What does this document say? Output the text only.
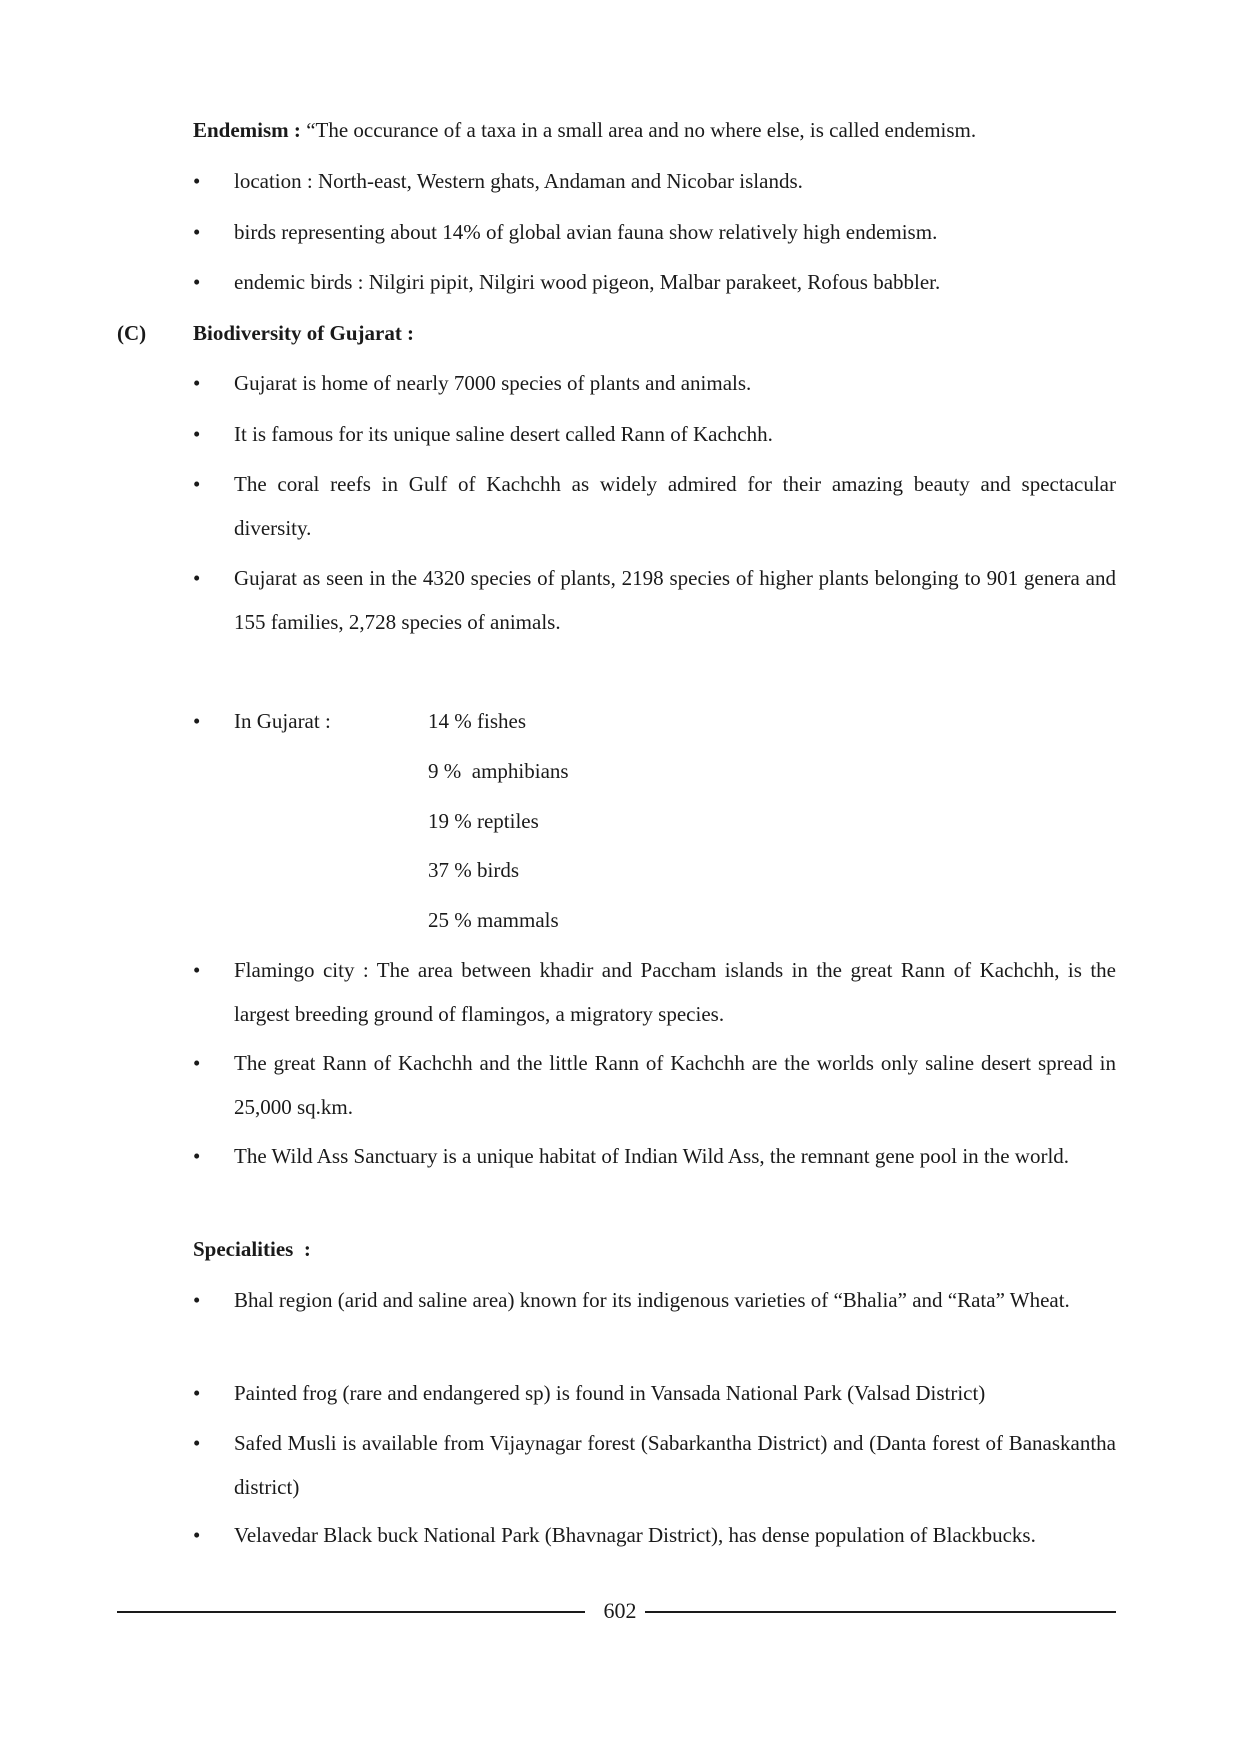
Endemism : “The occurance of a taxa in a small area and no where else, is called endemism.
• location : North-east, Western ghats, Andaman and Nicobar islands.
• birds representing about 14% of global avian fauna show relatively high endemism.
• endemic birds : Nilgiri pipit, Nilgiri wood pigeon, Malbar parakeet, Rofous babbler.
(C) Biodiversity of Gujarat :
• Gujarat is home of nearly 7000 species of plants and animals.
• It is famous for its unique saline desert called Rann of Kachchh.
• The coral reefs in Gulf of Kachchh as widely admired for their amazing beauty and spectacular diversity.
• Gujarat as seen in the 4320 species of plants, 2198 species of higher plants belonging to 901 genera and 155 families, 2,728 species of animals.
• In Gujarat :	14 % fishes
9 %  amphibians
19 % reptiles
37 % birds
25 % mammals
• Flamingo city : The area between khadir and Paccham islands in the great Rann of Kachchh, is the largest breeding ground of flamingos, a migratory species.
• The great Rann of Kachchh and the little Rann of Kachchh are the worlds only saline desert spread in 25,000 sq.km.
• The Wild Ass Sanctuary is a unique habitat of Indian Wild Ass, the remnant gene pool in the world.
Specialities  :
• Bhal region (arid and saline area) known for its indigenous varieties of “Bhalia” and “Rata” Wheat.
• Painted frog (rare and endangered sp) is found in Vansada National Park (Valsad District)
• Safed Musli is available from Vijaynagar forest (Sabarkantha District) and (Danta forest of Banaskantha district)
• Velavedar Black buck National Park (Bhavnagar District), has dense population of Blackbucks.
602
